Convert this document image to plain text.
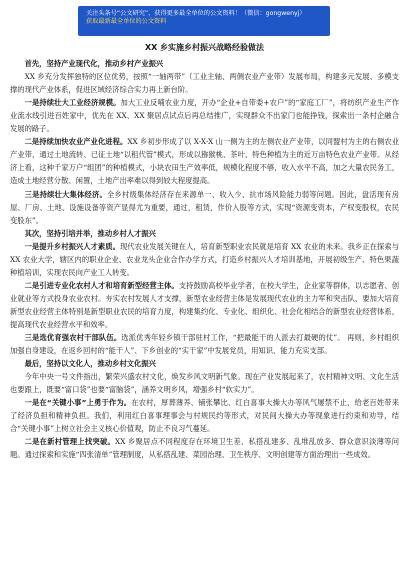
关注头条号“公文研究”，获得更多最全单位的公文资料！（微信：gongwenyj）
获取最新最全单位的公文资料
XX 乡实施乡村振兴战略经验做法

首先，坚持产业现代化，推动乡村产业振兴

XX 乡充分发挥独特的区位优势，按照“一轴两带”（工业主轴、两侧农业产业带）发展布局，构建多元发展、多模支撑的现代产业体系，促进区域经济综合实力再上新台阶。

一是持续壮大工业经济规模。加大工业反哺农业力度，开办“企业+自带委+农户”的“家庭工厂”，将纺织产业生产作业流水线引进百姓家中，优先在 XX、XX 聚居点试点后再总结推广，实现群众不出家门也能挣钱，探索出一条村企融合发展的路子。

二是持续加快农业产业化进程。XX 乡初步形成了以 X-X-X 山一侧为主的左侧农业产业带，以同盟村为主的右侧农业产业带，通过土地流转、已征土地“以租代管”模式，形成以猕猴桃、茶叶、特色种植为主的近万亩特色农业产业带。从经济上看，这种千家万户“组团”的种植模式，小块农田生产效率低，规模化程度不够，收入水平不高，加之大量农民务工，造成土地经营分散、闲置，土地产出率难以得到较大程度提高。

三是持续壮大集体经济。全乡村级集体经济存在来源单一、收入少、抗市场风险能力弱等问题。因此，盘活现有房屋、厂房、土地、设施设备等资产显得尤为重要，通过，租赁，作价入股等方式，实现“资源变资本，产权变股权，农民变股东”。

其次，坚持引培并举，推动乡村人才振兴

一是提升乡村振兴人才素质。现代农业发展关键在人，培育新型职业农民就是培育 XX 农业的未来。我乡正在探索与 XX 农业大学，辖区内的职业企业、农业龙头企业合作办学方式，打造乡村振兴人才培训基地，开展初级生产、特色果蔬种植培训，实现农民向产业工人转变。

二是引进专业化农村人才和培育新型经营主体。支持鼓励高校毕业学者，在校大学生，企业家等群体，以志愿者、创业就业等方式投身农业农村。夯实农村发展人才支撑，新型农业经营主体是发展现代农业的主力军和突击队，要加大培育新型农业经营主体特别是新型职业农民的培育力度，构建集约化、专业化、组织化、社会化相结合的新型农业经营体系，提高现代农业经营水平和效率。

三是选优育强农村干部队伍。选派优秀年轻乡镇干部驻村工作，“把最能干的人派去打最硬的仗”。 再则，乡村组织加强自身建设，在返乡回村的“能干人”、下乡创业的“实干家”中发展党员，用知识、能力充实支部。

最后，坚持以文化人，推动乡村文化振兴

今年中央一号文件指出，繁荣兴盛农村文化，焕发乡风文明新气象。现在产业发展起来了，农村精神文明、文化生活也要跟上，既要“富口袋”也要“富脑袋”，涵养文明乡风，增强乡村“软实力”。

一是在“关键小事”上勇于作为。在农村，厚葬薄养、铺张攀比、红白喜事大操大办等风气屡禁不止，给老百姓带来了经济负担和精神负担。我们，利用红白喜事理事会与村规民约等形式，对民间大操大办等现象进行约束和劝导，结合“关键小事”上树立社会主义核心价值观，防止不良习气蔓延。

二是在新村管理上找突破。XX 乡聚居点不同程度存在环境卫生差、私搭乱建多、乱堆乱放多、群众意识淡薄等问题。通过探索和实施“四张清单”管理制度，从私搭乱建、菜园治理、卫生秩序、文明创建等方面治理出一些成效。
